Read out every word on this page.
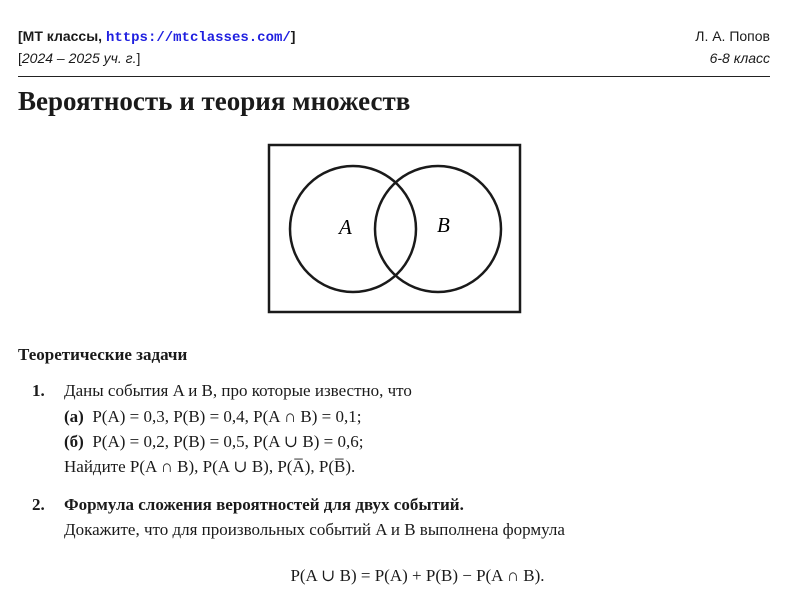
[МТ классы, https://mtclasses.com/]	Л. А. Попов
[2024 – 2025 уч. г.]	6-8 класс
Вероятность и теория множеств
A	B
Теоретические задачи
1. Даны события A и B, про которые известно, что
(а) P(A) = 0,3, P(B) = 0,4, P(A ∩ B) = 0,1;
(б) P(A) = 0,2, P(B) = 0,5, P(A ∪ B) = 0,6;
Найдите P(A ∩ B), P(A ∪ B), P(A̅), P(B̅).
2. Формула сложения вероятностей для двух событий.
Докажите, что для произвольных событий A и B выполнена формула
P(A ∪ B) = P(A) + P(B) − P(A ∩ B).
